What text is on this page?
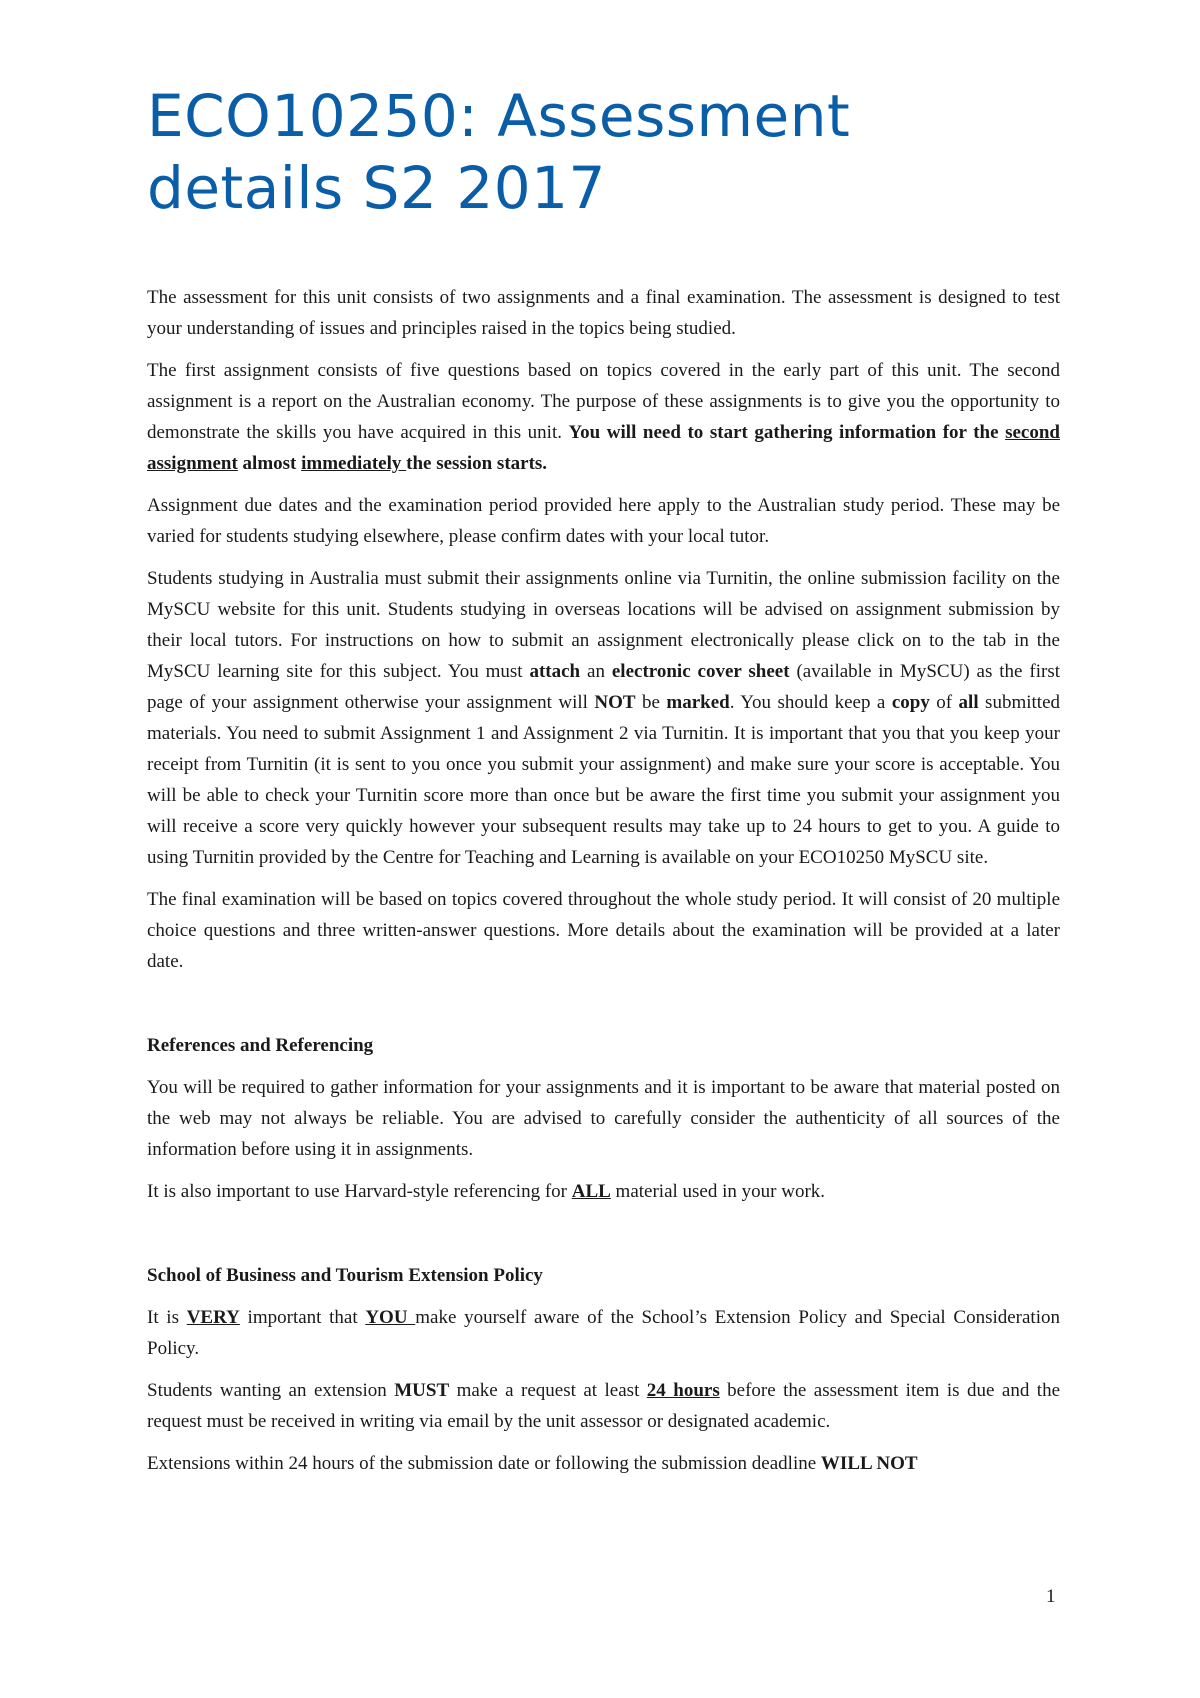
ECO10250: Assessment
details S2 2017

The assessment for this unit consists of two assignments and a final examination. The assessment is designed to test your understanding of issues and principles raised in the topics being studied.

The first assignment consists of five questions based on topics covered in the early part of this unit. The second assignment is a report on the Australian economy. The purpose of these assignments is to give you the opportunity to demonstrate the skills you have acquired in this unit. You will need to start gathering information for the second assignment almost immediately the session starts.

Assignment due dates and the examination period provided here apply to the Australian study period. These may be varied for students studying elsewhere, please confirm dates with your local tutor.

Students studying in Australia must submit their assignments online via Turnitin, the online submission facility on the MySCU website for this unit. Students studying in overseas locations will be advised on assignment submission by their local tutors. For instructions on how to submit an assignment electronically please click on to the tab in the MySCU learning site for this subject. You must attach an electronic cover sheet (available in MySCU) as the first page of your assignment otherwise your assignment will NOT be marked. You should keep a copy of all submitted materials. You need to submit Assignment 1 and Assignment 2 via Turnitin. It is important that you that you keep your receipt from Turnitin (it is sent to you once you submit your assignment) and make sure your score is acceptable. You will be able to check your Turnitin score more than once but be aware the first time you submit your assignment you will receive a score very quickly however your subsequent results may take up to 24 hours to get to you. A guide to using Turnitin provided by the Centre for Teaching and Learning is available on your ECO10250 MySCU site.

The final examination will be based on topics covered throughout the whole study period. It will consist of 20 multiple choice questions and three written-answer questions. More details about the examination will be provided at a later date.

References and Referencing

You will be required to gather information for your assignments and it is important to be aware that material posted on the web may not always be reliable. You are advised to carefully consider the authenticity of all sources of the information before using it in assignments.

It is also important to use Harvard-style referencing for ALL material used in your work.

School of Business and Tourism Extension Policy

It is VERY important that YOU make yourself aware of the School’s Extension Policy and Special Consideration Policy.

Students wanting an extension MUST make a request at least 24 hours before the assessment item is due and the request must be received in writing via email by the unit assessor or designated academic.

Extensions within 24 hours of the submission date or following the submission deadline WILL NOT

1
